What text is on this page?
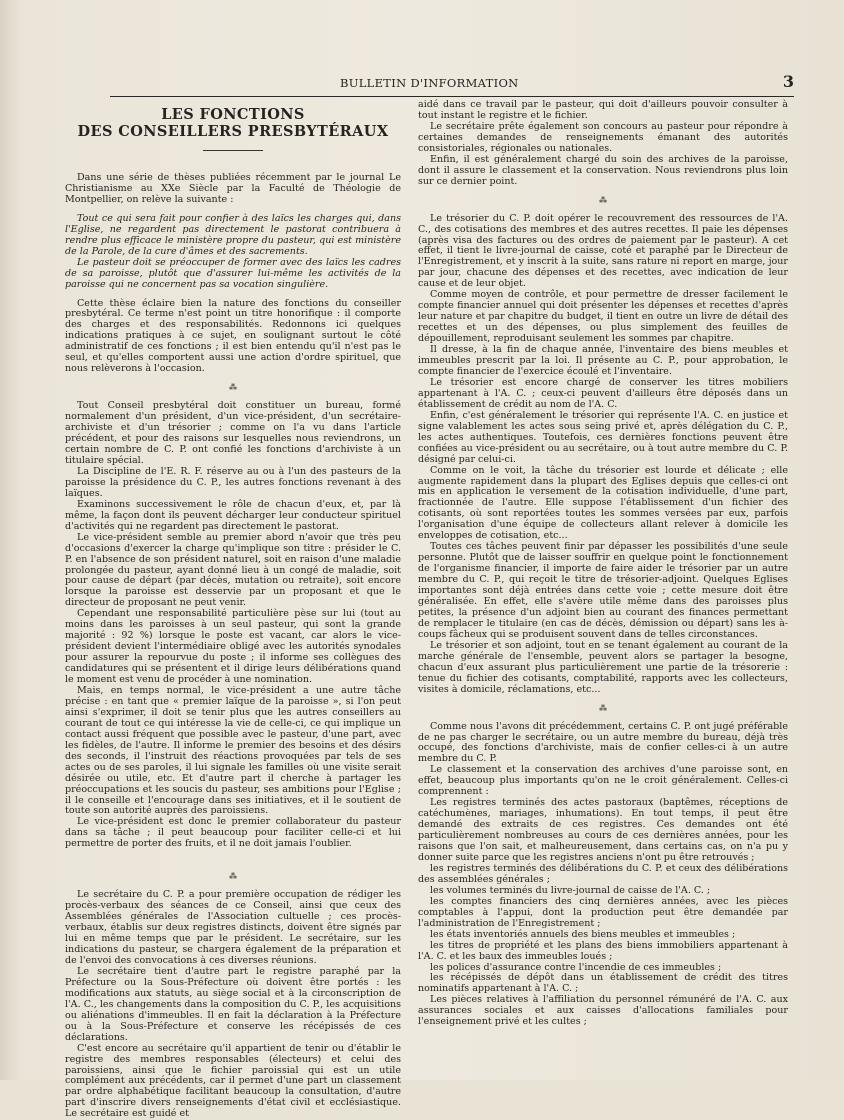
BULLETIN D'INFORMATION	3
LES FONCTIONS
DES CONSEILLERS PRESBYTÉRAUX

Dans une série de thèses publiées récemment par le journal Le Christianisme au XXe Siècle par la Faculté de Théologie de Montpellier, on relève la suivante :

Tout ce qui sera fait pour confier à des laïcs les charges qui, dans l'Eglise, ne regardent pas directement le pastorat contribuera à rendre plus efficace le ministère propre du pasteur, qui est ministère de la Parole, de la cure d'âmes et des sacrements.

Le pasteur doit se préoccuper de former avec des laïcs les cadres de sa paroisse, plutôt que d'assurer lui-même les activités de la paroisse qui ne concernent pas sa vocation singulière.

Cette thèse éclaire bien la nature des fonctions du conseiller presbytéral. Ce terme n'est point un titre honorifique : il comporte des charges et des responsabilités. Redonnons ici quelques indications pratiques à ce sujet, en soulignant surtout le côté administratif de ces fonctions ; il est bien entendu qu'il n'est pas le seul, et qu'elles comportent aussi une action d'ordre spirituel, que nous relèverons à l'occasion.

⁂

Tout Conseil presbytéral doit constituer un bureau, formé normalement d'un président, d'un vice-président, d'un secrétaire-archiviste et d'un trésorier ; comme on l'a vu dans l'article précédent, et pour des raisons sur lesquelles nous reviendrons, un certain nombre de C. P. ont confié les fonctions d'archiviste à un titulaire spécial.

La Discipline de l'E. R. F. réserve au ou à l'un des pasteurs de la paroisse la présidence du C. P., les autres fonctions revenant à des laïques.

Examinons successivement le rôle de chacun d'eux, et, par là même, la façon dont ils peuvent décharger leur conducteur spirituel d'activités qui ne regardent pas directement le pastorat.

Le vice-président semble au premier abord n'avoir que très peu d'occasions d'exercer la charge qu'implique son titre : présider le C. P. en l'absence de son président naturel, soit en raison d'une maladie prolongée du pasteur, ayant donné lieu à un congé de maladie, soit pour cause de départ (par décès, mutation ou retraite), soit encore lorsque la paroisse est desservie par un proposant et que le directeur de proposant ne peut venir.

Cependant une responsabilité particulière pèse sur lui (tout au moins dans les paroisses à un seul pasteur, qui sont la grande majorité : 92 %) lorsque le poste est vacant, car alors le vice-président devient l'intermédiaire obligé avec les autorités synodales pour assurer la repourvue du poste ; il informe ses collègues des candidatures qui se présentent et il dirige leurs délibérations quand le moment est venu de procéder à une nomination.

Mais, en temps normal, le vice-président a une autre tâche précise : en tant que « premier laïque de la paroisse », si l'on peut ainsi s'exprimer, il doit se tenir plus que les autres conseillers au courant de tout ce qui intéresse la vie de celle-ci, ce qui implique un contact aussi fréquent que possible avec le pasteur, d'une part, avec les fidèles, de l'autre. Il informe le premier des besoins et des désirs des seconds, il l'instruit des réactions provoquées par tels de ses actes ou de ses paroles, il lui signale les familles où une visite serait désirée ou utile, etc. Et d'autre part il cherche à partager les préoccupations et les soucis du pasteur, ses ambitions pour l'Eglise ; il le conseille et l'encourage dans ses initiatives, et il le soutient de toute son autorité auprès des paroissiens.

Le vice-président est donc le premier collaborateur du pasteur dans sa tâche ; il peut beaucoup pour faciliter celle-ci et lui permettre de porter des fruits, et il ne doit jamais l'oublier.

⁂

Le secrétaire du C. P. a pour première occupation de rédiger les procès-verbaux des séances de ce Conseil, ainsi que ceux des Assemblées générales de l'Association cultuelle ; ces procès-verbaux, établis sur deux registres distincts, doivent être signés par lui en même temps que par le président. Le secrétaire, sur les indications du pasteur, se chargera également de la préparation et de l'envoi des convocations à ces diverses réunions.

Le secrétaire tient d'autre part le registre paraphé par la Préfecture ou la Sous-Préfecture où doivent être portés : les modifications aux statuts, au siège social et à la circonscription de l'A. C., les changements dans la composition du C. P., les acquisitions ou aliénations d'immeubles. Il en fait la déclaration à la Préfecture ou à la Sous-Préfecture et conserve les récépissés de ces déclarations.

C'est encore au secrétaire qu'il appartient de tenir ou d'établir le registre des membres responsables (électeurs) et celui des paroissiens, ainsi que le fichier paroissial qui est un utile complément aux précédents, car il permet d'une part un classement par ordre alphabétique facilitant beaucoup la consultation, d'autre part d'inscrire divers renseignements d'état civil et ecclésiastique. Le secrétaire est guidé et

aidé dans ce travail par le pasteur, qui doit d'ailleurs pouvoir consulter à tout instant le registre et le fichier.

Le secrétaire prête également son concours au pasteur pour répondre à certaines demandes de renseignements émanant des autorités consistoriales, régionales ou nationales.

Enfin, il est généralement chargé du soin des archives de la paroisse, dont il assure le classement et la conservation. Nous reviendrons plus loin sur ce dernier point.

⁂

Le trésorier du C. P. doit opérer le recouvrement des ressources de l'A. C., des cotisations des membres et des autres recettes. Il paie les dépenses (après visa des factures ou des ordres de paiement par le pasteur). A cet effet, il tient le livre-journal de caisse, coté et paraphé par le Directeur de l'Enregistrement, et y inscrit à la suite, sans rature ni report en marge, jour par jour, chacune des dépenses et des recettes, avec indication de leur cause et de leur objet.

Comme moyen de contrôle, et pour permettre de dresser facilement le compte financier annuel qui doit présenter les dépenses et recettes d'après leur nature et par chapitre du budget, il tient en outre un livre de détail des recettes et un des dépenses, ou plus simplement des feuilles de dépouillement, reproduisant seulement les sommes par chapitre.

Il dresse, à la fin de chaque année, l'inventaire des biens meubles et immeubles prescrit par la loi. Il présente au C. P., pour approbation, le compte financier de l'exercice écoulé et l'inventaire.

Le trésorier est encore chargé de conserver les titres mobiliers appartenant à l'A. C. ; ceux-ci peuvent d'ailleurs être déposés dans un établissement de crédit au nom de l'A. C.

Enfin, c'est généralement le trésorier qui représente l'A. C. en justice et signe valablement les actes sous seing privé et, après délégation du C. P., les actes authentiques. Toutefois, ces dernières fonctions peuvent être confiées au vice-président ou au secrétaire, ou à tout autre membre du C. P. désigné par celui-ci.

Comme on le voit, la tâche du trésorier est lourde et délicate ; elle augmente rapidement dans la plupart des Eglises depuis que celles-ci ont mis en application le versement de la cotisation individuelle, d'une part, fractionnée de l'autre. Elle suppose l'établissement d'un fichier des cotisants, où sont reportées toutes les sommes versées par eux, parfois l'organisation d'une équipe de collecteurs allant relever à domicile les enveloppes de cotisation, etc...

Toutes ces tâches peuvent finir par dépasser les possibilités d'une seule personne. Plutôt que de laisser souffrir en quelque point le fonctionnement de l'organisme financier, il importe de faire aider le trésorier par un autre membre du C. P., qui reçoit le titre de trésorier-adjoint. Quelques Eglises importantes sont déjà entrées dans cette voie ; cette mesure doit être généralisée. En effet, elle s'avère utile même dans des paroisses plus petites, la présence d'un adjoint bien au courant des finances permettant de remplacer le titulaire (en cas de décès, démission ou départ) sans les à-coups fâcheux qui se produisent souvent dans de telles circonstances.

Le trésorier et son adjoint, tout en se tenant également au courant de la marche générale de l'ensemble, peuvent alors se partager la besogne, chacun d'eux assurant plus particulièrement une partie de la trésorerie : tenue du fichier des cotisants, comptabilité, rapports avec les collecteurs, visites à domicile, réclamations, etc...

⁂

Comme nous l'avons dit précédemment, certains C. P. ont jugé préférable de ne pas charger le secrétaire, ou un autre membre du bureau, déjà très occupé, des fonctions d'archiviste, mais de confier celles-ci à un autre membre du C. P.

Le classement et la conservation des archives d'une paroisse sont, en effet, beaucoup plus importants qu'on ne le croit généralement. Celles-ci comprennent :

Les registres terminés des actes pastoraux (baptêmes, réceptions de catéchumènes, mariages, inhumations). En tout temps, il peut être demandé des extraits de ces registres. Ces demandes ont été particulièrement nombreuses au cours de ces dernières années, pour les raisons que l'on sait, et malheureusement, dans certains cas, on n'a pu y donner suite parce que les registres anciens n'ont pu être retrouvés ;

les registres terminés des délibérations du C. P. et ceux des délibérations des assemblées générales ;

les volumes terminés du livre-journal de caisse de l'A. C. ;

les comptes financiers des cinq dernières années, avec les pièces comptables à l'appui, dont la production peut être demandée par l'administration de l'Enregistrement ;

les états inventoriés annuels des biens meubles et immeubles ;

les titres de propriété et les plans des biens immobiliers appartenant à l'A. C. et les baux des immeubles loués ;

les polices d'assurance contre l'incendie de ces immeubles ;

les récépissés de dépôt dans un établissement de crédit des titres nominatifs appartenant à l'A. C. ;

Les pièces relatives à l'affiliation du personnel rémunéré de l'A. C. aux assurances sociales et aux caisses d'allocations familiales pour l'enseignement privé et les cultes ;
